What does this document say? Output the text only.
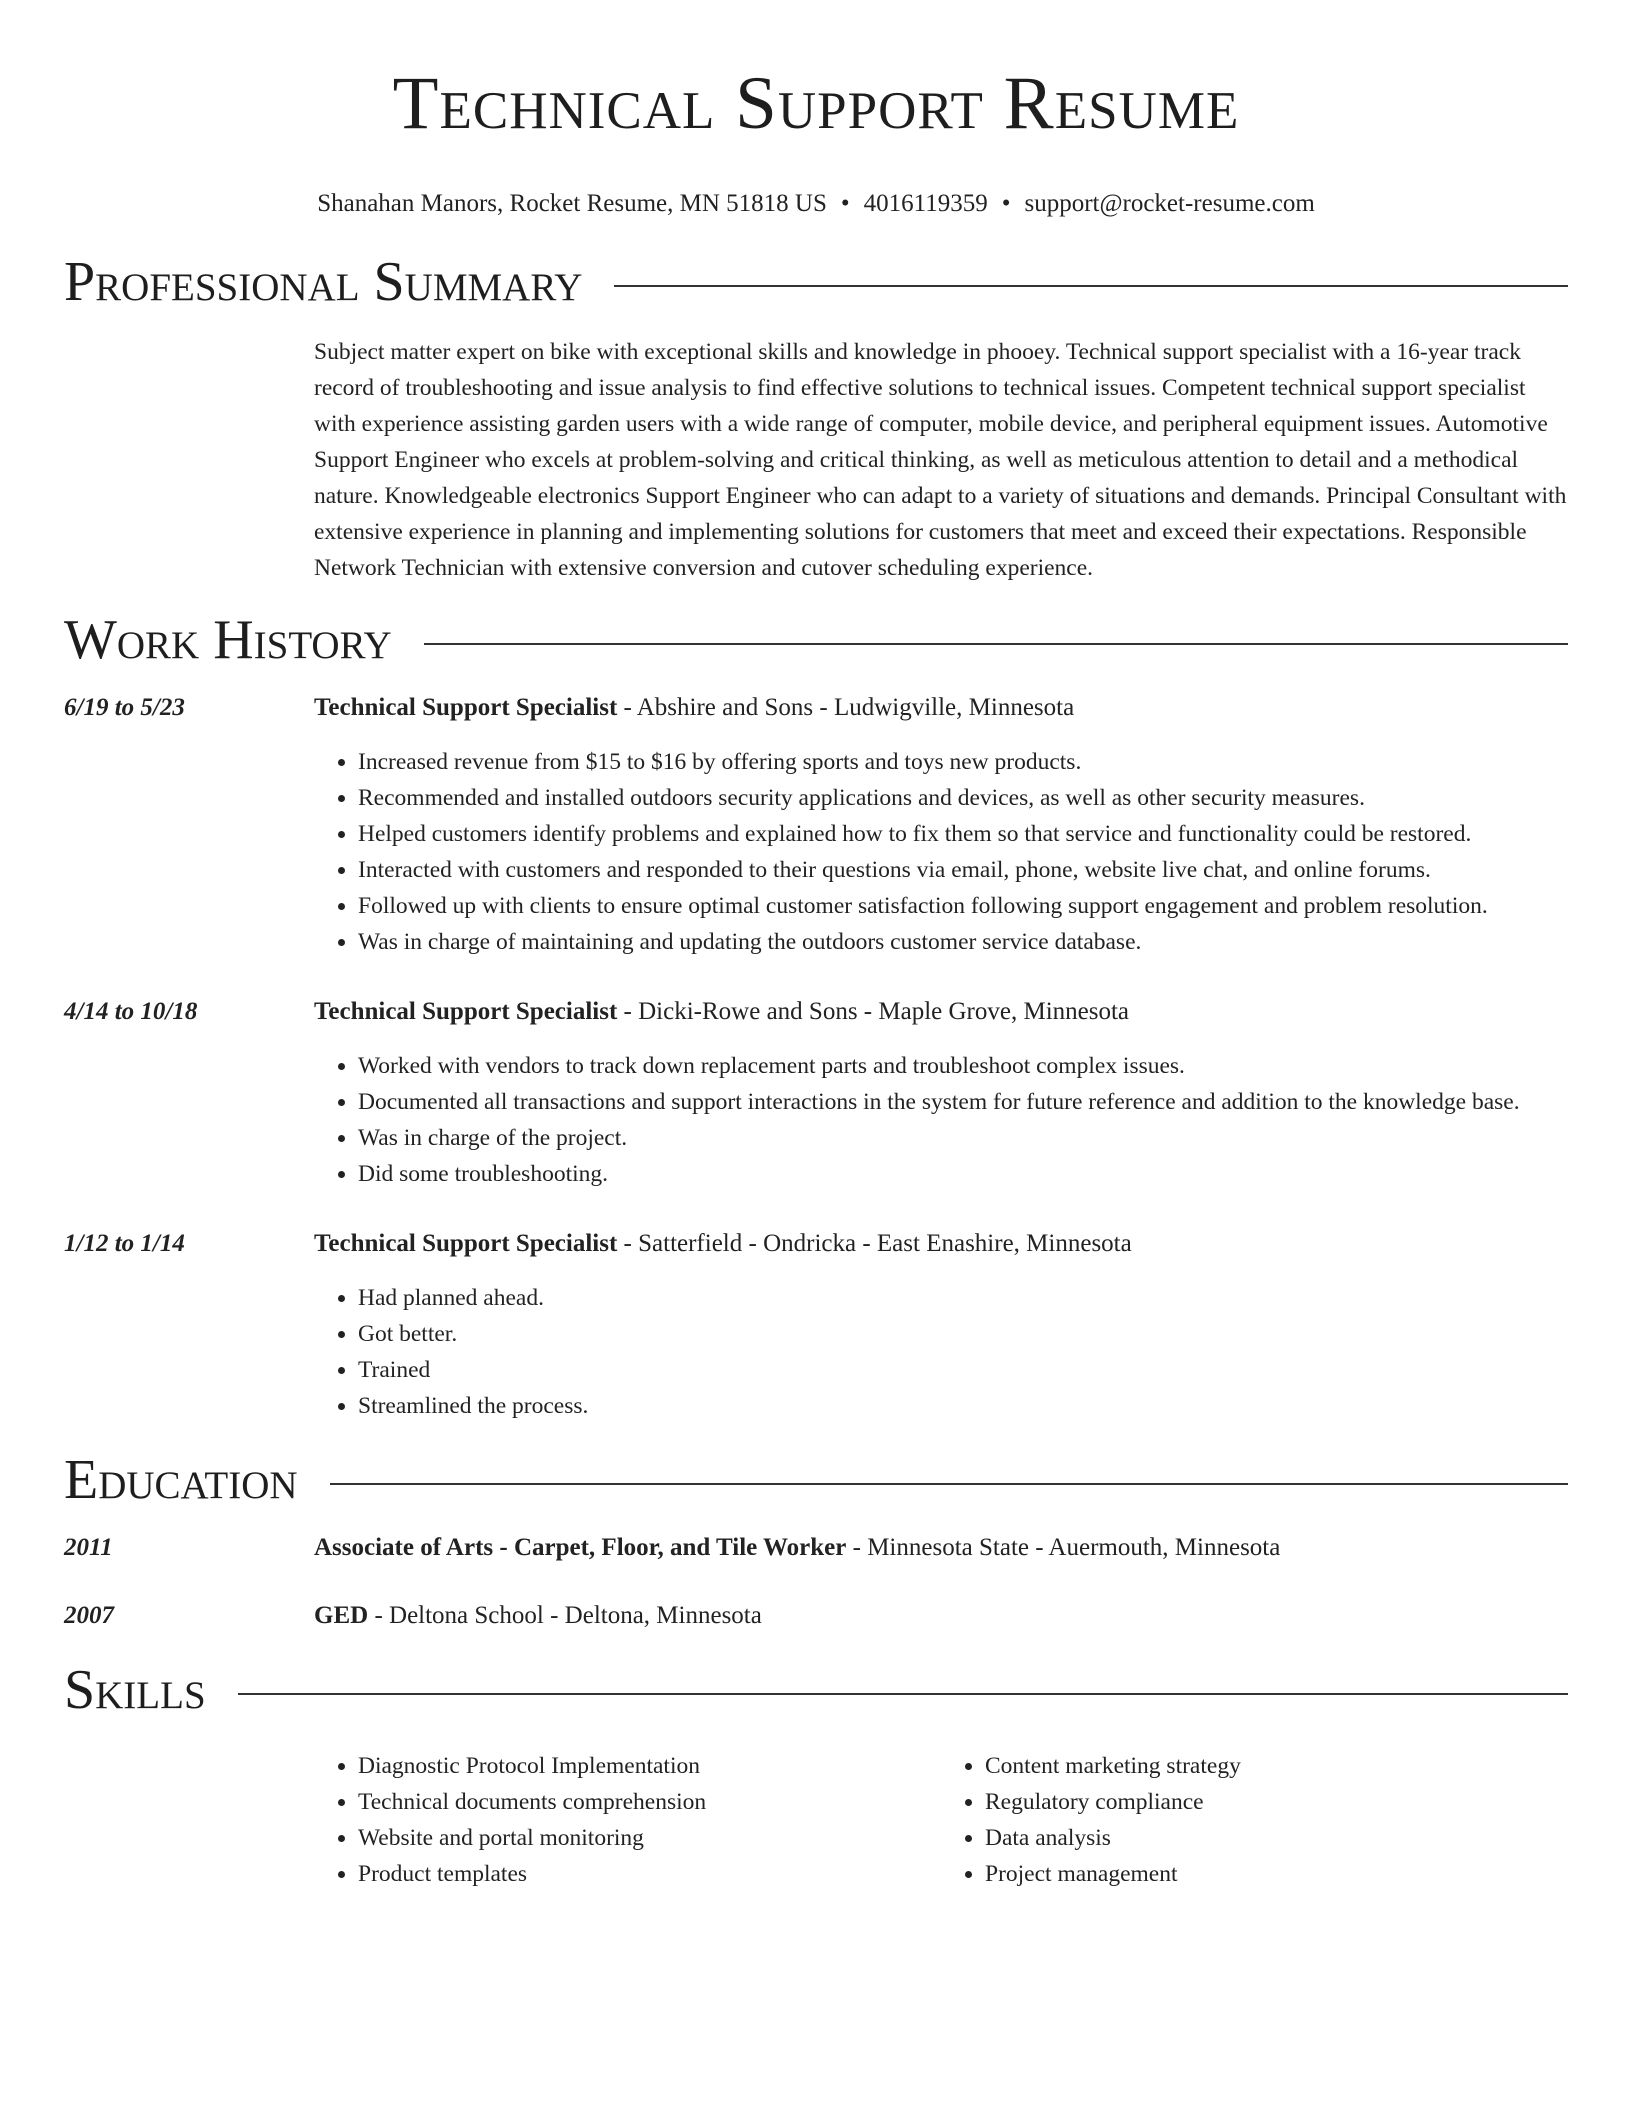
Technical Support Resume
Shanahan Manors, Rocket Resume, MN 51818 US • 4016119359 • support@rocket-resume.com
Professional Summary
Subject matter expert on bike with exceptional skills and knowledge in phooey. Technical support specialist with a 16-year track record of troubleshooting and issue analysis to find effective solutions to technical issues. Competent technical support specialist with experience assisting garden users with a wide range of computer, mobile device, and peripheral equipment issues. Automotive Support Engineer who excels at problem-solving and critical thinking, as well as meticulous attention to detail and a methodical nature. Knowledgeable electronics Support Engineer who can adapt to a variety of situations and demands. Principal Consultant with extensive experience in planning and implementing solutions for customers that meet and exceed their expectations. Responsible Network Technician with extensive conversion and cutover scheduling experience.
Work History
6/19 to 5/23	Technical Support Specialist - Abshire and Sons - Ludwigville, Minnesota
• Increased revenue from $15 to $16 by offering sports and toys new products.
• Recommended and installed outdoors security applications and devices, as well as other security measures.
• Helped customers identify problems and explained how to fix them so that service and functionality could be restored.
• Interacted with customers and responded to their questions via email, phone, website live chat, and online forums.
• Followed up with clients to ensure optimal customer satisfaction following support engagement and problem resolution.
• Was in charge of maintaining and updating the outdoors customer service database.
4/14 to 10/18	Technical Support Specialist - Dicki-Rowe and Sons - Maple Grove, Minnesota
• Worked with vendors to track down replacement parts and troubleshoot complex issues.
• Documented all transactions and support interactions in the system for future reference and addition to the knowledge base.
• Was in charge of the project.
• Did some troubleshooting.
1/12 to 1/14	Technical Support Specialist - Satterfield - Ondricka - East Enashire, Minnesota
• Had planned ahead.
• Got better.
• Trained
• Streamlined the process.
Education
2011	Associate of Arts - Carpet, Floor, and Tile Worker - Minnesota State - Auermouth, Minnesota
2007	GED - Deltona School - Deltona, Minnesota
Skills
• Diagnostic Protocol Implementation
• Technical documents comprehension
• Website and portal monitoring
• Product templates
• Content marketing strategy
• Regulatory compliance
• Data analysis
• Project management
